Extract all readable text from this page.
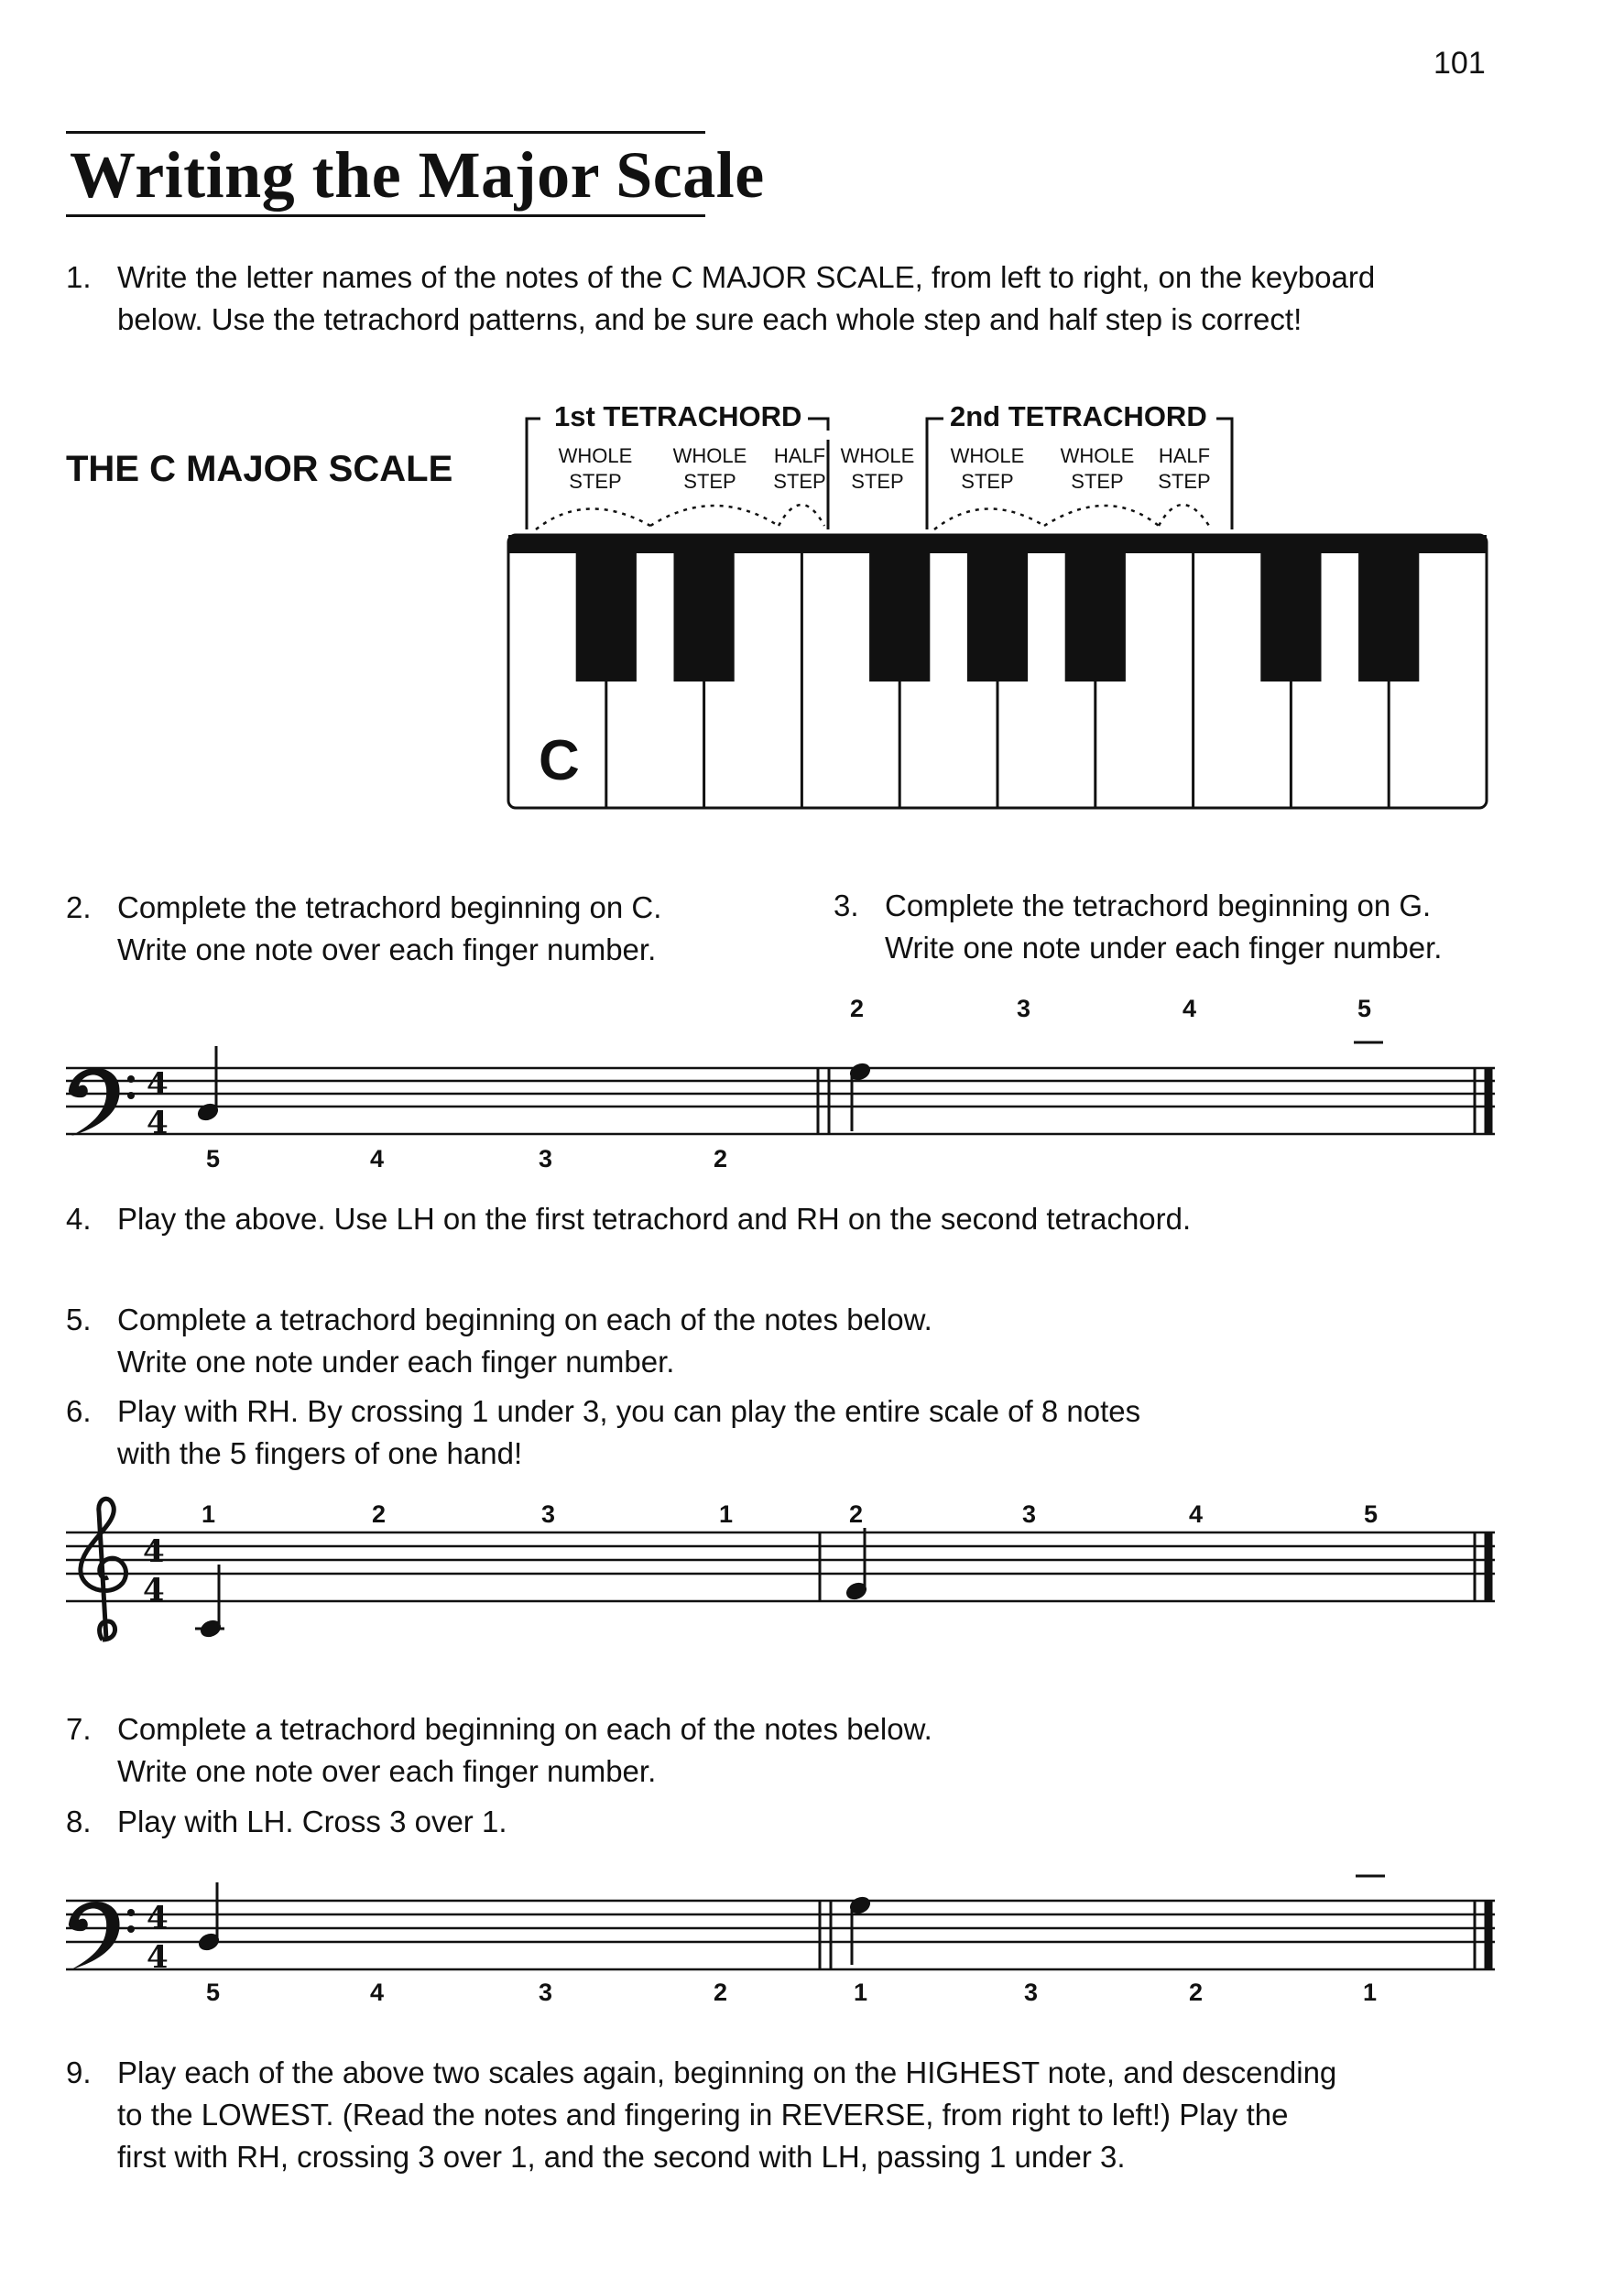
101
Writing the Major Scale
1. Write the letter names of the notes of the C MAJOR SCALE, from left to right, on the keyboard
below. Use the tetrachord patterns, and be sure each whole step and half step is correct!
THE C MAJOR SCALE
4
4
4
4
4
4
1st TETRACHORD	2nd TETRACHORD
WHOLE
STEP
WHOLE
STEP
HALF
STEP
WHOLE
STEP
WHOLE
STEP
WHOLE
STEP
HALF
STEP
C
2. Complete the tetrachord beginning on C.
Write one note over each finger number.
3. Complete the tetrachord beginning on G.
Write one note under each finger number.
2	3	4	5
5	4	3	2
4. Play the above. Use LH on the first tetrachord and RH on the second tetrachord.
5. Complete a tetrachord beginning on each of the notes below.
Write one note under each finger number.
6. Play with RH. By crossing 1 under 3, you can play the entire scale of 8 notes
with the 5 fingers of one hand!
1	2	3	1	2	3	4	5
7. Complete a tetrachord beginning on each of the notes below.
Write one note over each finger number.
8. Play with LH. Cross 3 over 1.
5	4	3	2	1	3	2	1
9. Play each of the above two scales again, beginning on the HIGHEST note, and descending
to the LOWEST. (Read the notes and fingering in REVERSE, from right to left!) Play the
first with RH, crossing 3 over 1, and the second with LH, passing 1 under 3.
